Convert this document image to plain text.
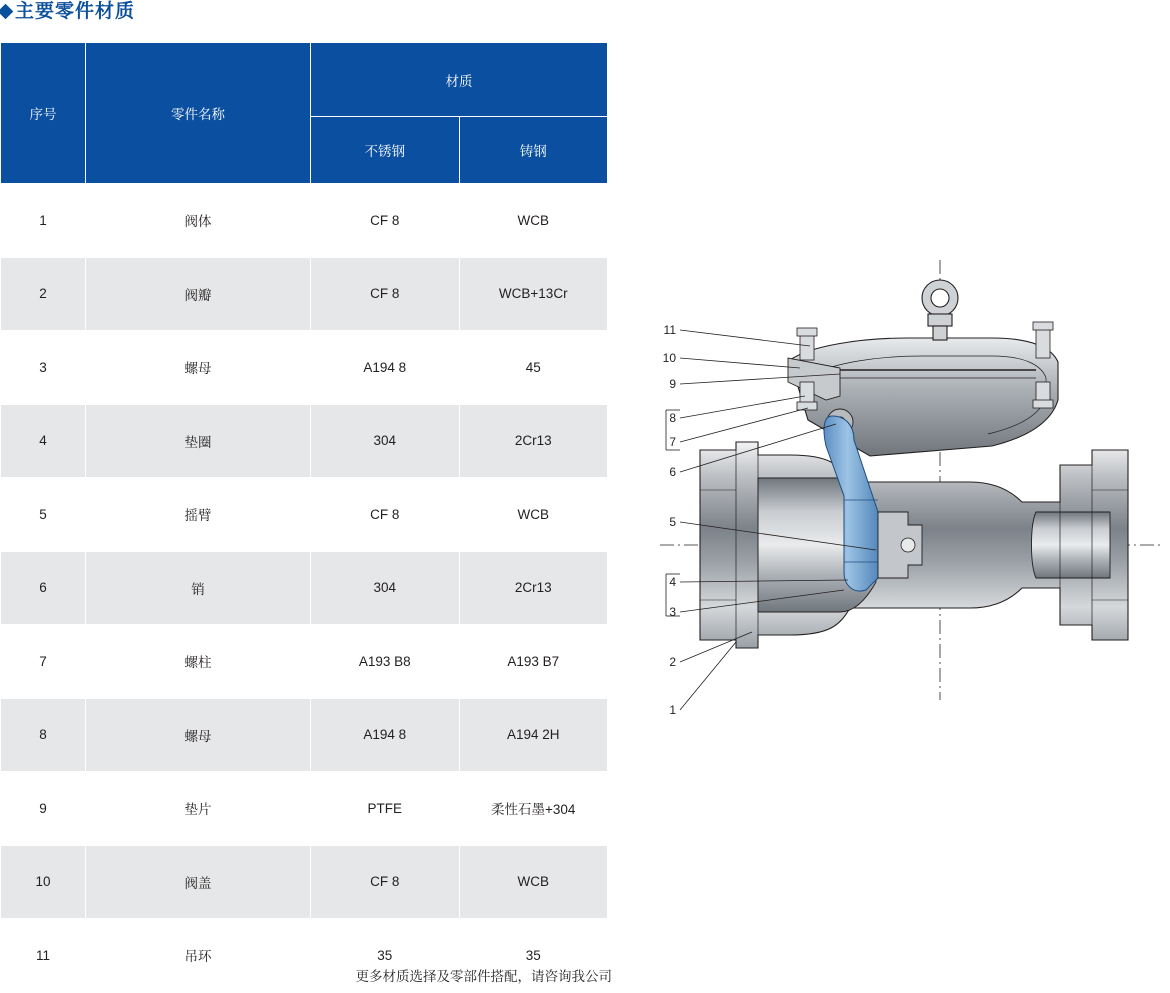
主要零件材质
序号	零件名称	材质	
		不锈钢	铸钢
1	阀体	CF 8	WCB
2	阀瓣	CF 8	WCB+13Cr
3	螺母	A194 8	45
4	垫圈	304	2Cr13
5	摇臂	CF 8	WCB
6	销	304	2Cr13
7	螺柱	A193 B8	A193 B7
8	螺母	A194 8	A194 2H
9	垫片	PTFE	柔性石墨+304
10	阀盖	CF 8	WCB
11	吊环	35	35
更多材质选择及零部件搭配，请咨询我公司
11
10
9
8
7
6
5
4
3
2
1
